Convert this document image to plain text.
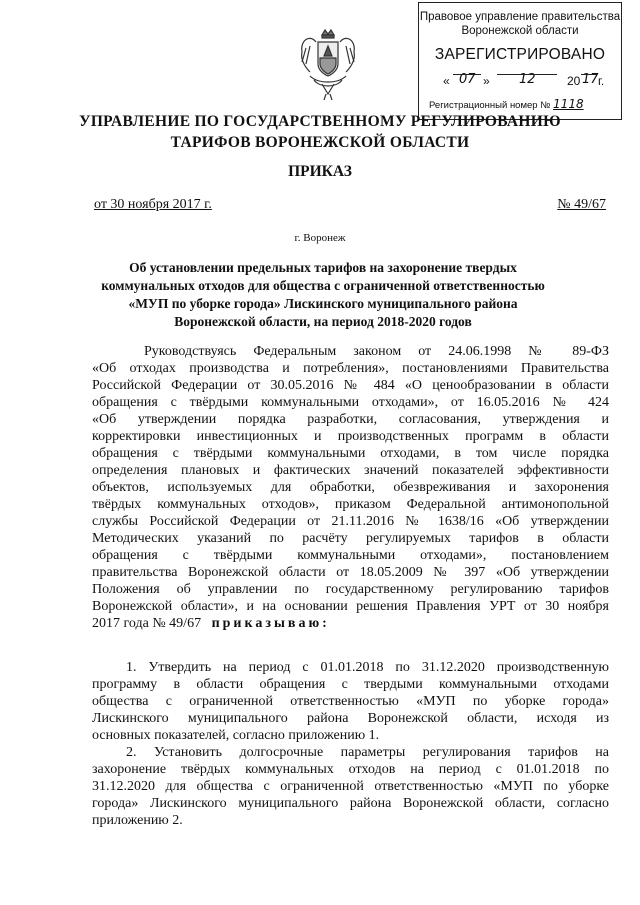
Правовое управление правительства
Воронежской области
ЗАРЕГИСТРИРОВАНО
« 07 » 12	20 17 г.
Регистрационный номер № 1118
УПРАВЛЕНИЕ ПО ГОСУДАРСТВЕННОМУ РЕГУЛИРОВАНИЮ
ТАРИФОВ ВОРОНЕЖСКОЙ ОБЛАСТИ
ПРИКАЗ
от 30 ноября 2017 г.	№ 49/67
г. Воронеж
Об установлении предельных тарифов на захоронение твердых
коммунальных отходов для общества с ограниченной ответственностью
«МУП по уборке города» Лискинского муниципального района
Воронежской области, на период 2018-2020 годов
Руководствуясь Федеральным законом от 24.06.1998 № 89-ФЗ
«Об отходах производства и потребления», постановлениями Правительства
Российской Федерации от 30.05.2016 № 484 «О ценообразовании в области
обращения с твёрдыми коммунальными отходами», от 16.05.2016 № 424
«Об утверждении порядка разработки, согласования, утверждения и
корректировки инвестиционных и производственных программ в области
обращения с твёрдыми коммунальными отходами, в том числе порядка
определения плановых и фактических значений показателей эффективности
объектов, используемых для обработки, обезвреживания и захоронения
твёрдых коммунальных отходов», приказом Федеральной антимонопольной
службы Российской Федерации от 21.11.2016 № 1638/16 «Об утверждении
Методических указаний по расчёту регулируемых тарифов в области
обращения с твёрдыми коммунальными отходами», постановлением
правительства Воронежской области от 18.05.2009 № 397 «Об утверждении
Положения об управлении по государственному регулированию тарифов
Воронежской области», и на основании решения Правления УРТ от 30 ноября
2017 года № 49/67 приказываю:
1. Утвердить на период с 01.01.2018 по 31.12.2020 производственную
программу в области обращения с твердыми коммунальными отходами
общества с ограниченной ответственностью «МУП по уборке города»
Лискинского муниципального района Воронежской области, исходя из
основных показателей, согласно приложению 1.
2. Установить долгосрочные параметры регулирования тарифов на
захоронение твёрдых коммунальных отходов на период с 01.01.2018 по
31.12.2020 для общества с ограниченной ответственностью «МУП по уборке
города» Лискинского муниципального района Воронежской области, согласно
приложению 2.
